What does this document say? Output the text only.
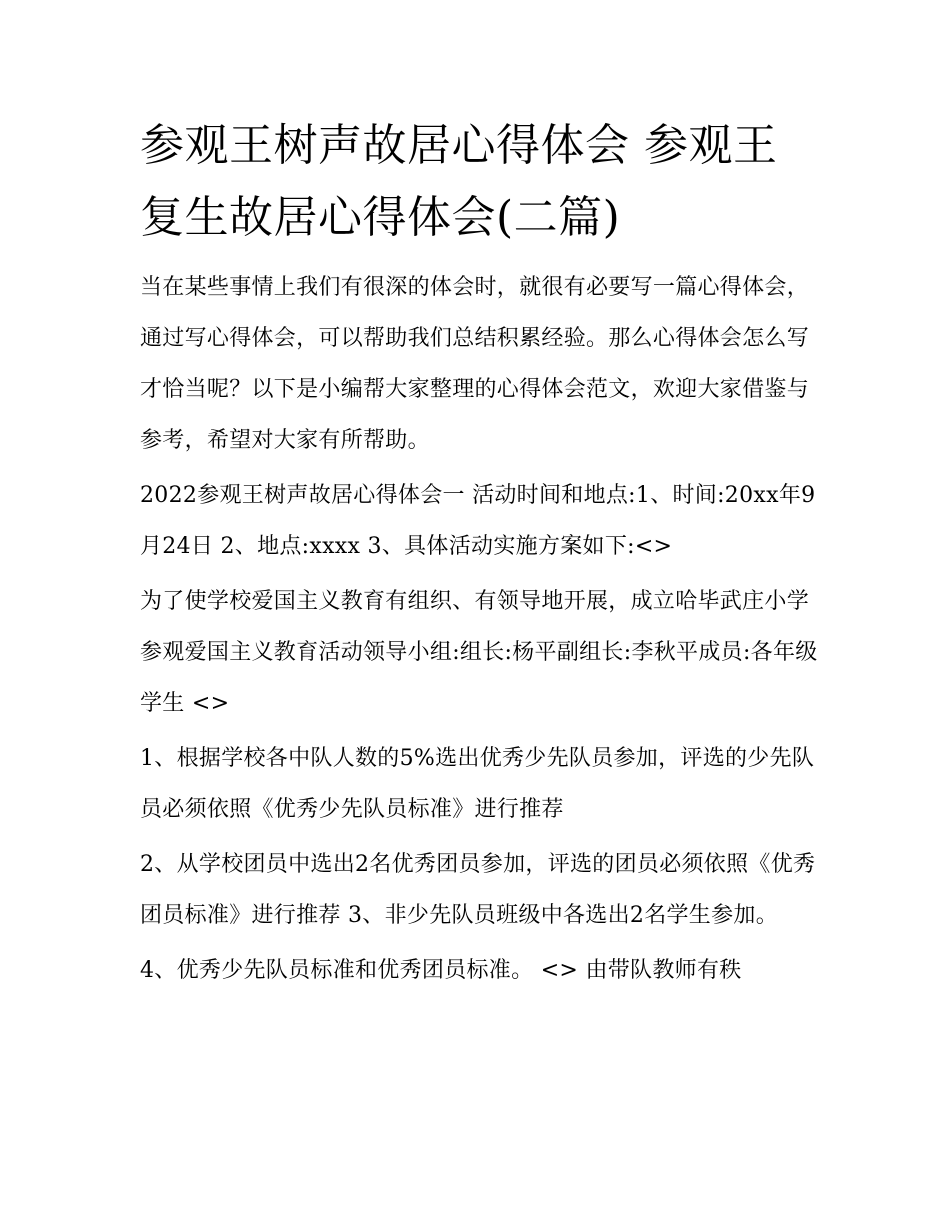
参观王树声故居心得体会 参观王复生故居心得体会(二篇)

当在某些事情上我们有很深的体会时，就很有必要写一篇心得体会，通过写心得体会，可以帮助我们总结积累经验。那么心得体会怎么写才恰当呢？以下是小编帮大家整理的心得体会范文，欢迎大家借鉴与参考，希望对大家有所帮助。

2022参观王树声故居心得体会一 活动时间和地点:1、时间:20xx年9月24日 2、地点:xxxx 3、具体活动实施方案如下:<>

为了使学校爱国主义教育有组织、有领导地开展，成立哈毕武庄小学参观爱国主义教育活动领导小组:组长:杨平副组长:李秋平成员:各年级学生 <>

1、根据学校各中队人数的5%选出优秀少先队员参加，评选的少先队员必须依照《优秀少先队员标准》进行推荐

2、从学校团员中选出2名优秀团员参加，评选的团员必须依照《优秀团员标准》进行推荐 3、非少先队员班级中各选出2名学生参加。

4、优秀少先队员标准和优秀团员标准。 <> 由带队教师有秩
